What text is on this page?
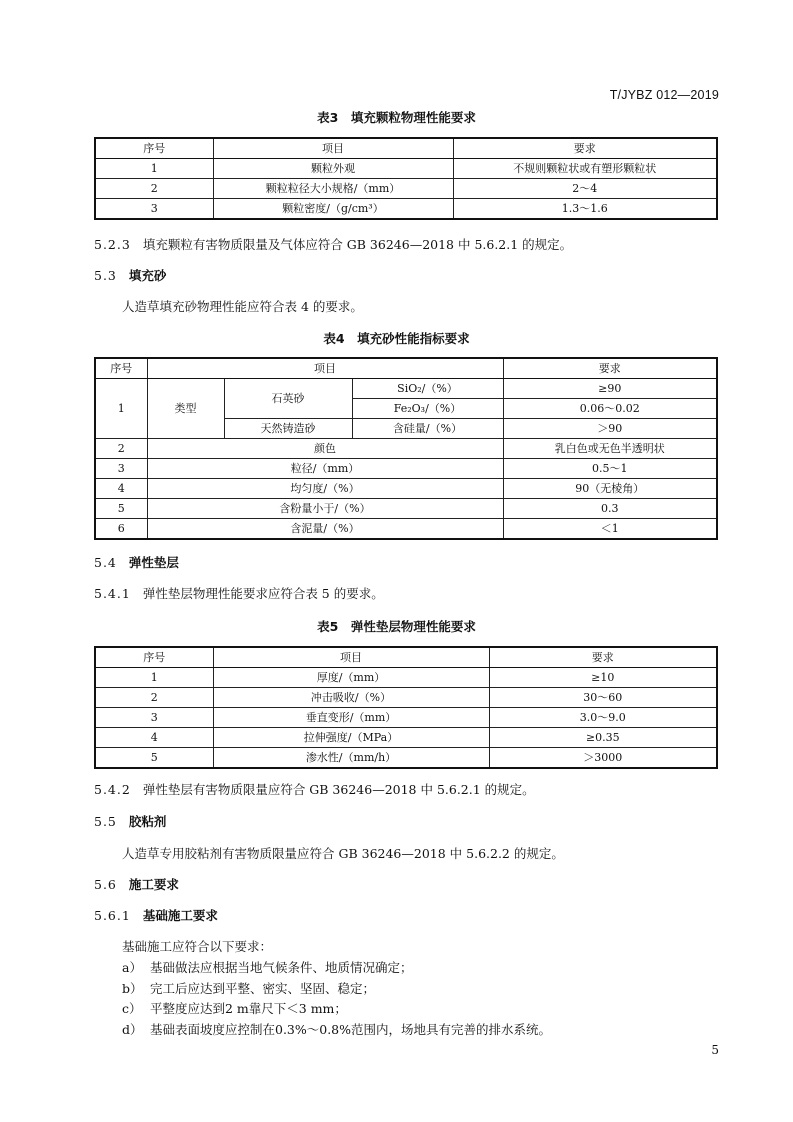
T/JYBZ 012—2019
表3　填充颗粒物理性能要求
序号	项目	要求
1	颗粒外观	不规则颗粒状或有塑形颗粒状
2	颗粒粒径大小规格/（mm）	2～4
3	颗粒密度/（g/cm³）	1.3～1.6
5.2.3 填充颗粒有害物质限量及气体应符合 GB 36246—2018 中 5.6.2.1 的规定。
5.3 填充砂
人造草填充砂物理性能应符合表 4 的要求。
表4　填充砂性能指标要求
序号	项目			要求
1	类型	石英砂	SiO₂/（%）	≥90
			Fe₂O₃/（%）	0.06～0.02
		天然铸造砂	含硅量/（%）	＞90
2	颜色			乳白色或无色半透明状
3	粒径/（mm）			0.5～1
4	均匀度/（%）			90（无棱角）
5	含粉量小于/（%）			0.3
6	含泥量/（%）			＜1
5.4 弹性垫层
5.4.1 弹性垫层物理性能要求应符合表 5 的要求。
表5　弹性垫层物理性能要求
序号	项目	要求
1	厚度/（mm）	≥10
2	冲击吸收/（%）	30～60
3	垂直变形/（mm）	3.0～9.0
4	拉伸强度/（MPa）	≥0.35
5	渗水性/（mm/h）	＞3000
5.4.2 弹性垫层有害物质限量应符合 GB 36246—2018 中 5.6.2.1 的规定。
5.5 胶粘剂
人造草专用胶粘剂有害物质限量应符合 GB 36246—2018 中 5.6.2.2 的规定。
5.6 施工要求
5.6.1 基础施工要求
基础施工应符合以下要求：
a） 基础做法应根据当地气候条件、地质情况确定；
b） 完工后应达到平整、密实、坚固、稳定；
c） 平整度应达到2 m靠尺下＜3 mm；
d） 基础表面坡度应控制在0.3%～0.8%范围内，场地具有完善的排水系统。
5
